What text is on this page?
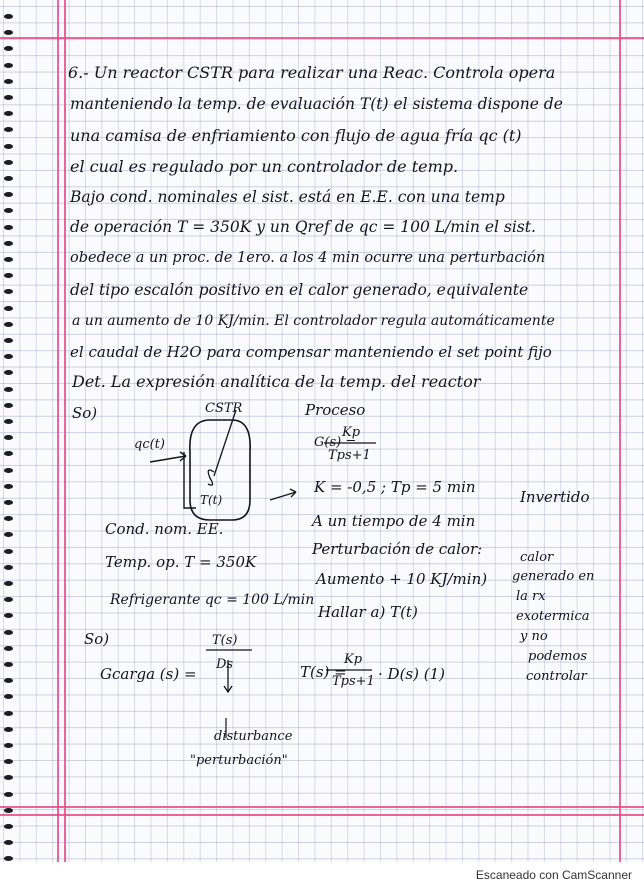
6.- Un reactor CSTR para realizar una Reac. Controla opera
manteniendo la temp. de evaluación T(t) el sistema dispone de
una camisa de enfriamiento con flujo de agua fría qc (t)
el cual es regulado por un controlador de temp.
Bajo cond. nominales el sist. está en E.E. con una temp
de operación T = 350K y un Qref de qc = 100 L/min el sist.
obedece a un proc. de 1ero. a los 4 min ocurre una perturbación
del tipo escalón positivo en el calor generado, equivalente
a un aumento de 10 KJ/min. El controlador regula automáticamente
el caudal de H2O para compensar manteniendo el set point fijo
Det. La expresión analítica de la temp. del reactor
So)	CSTR
qc(t)
T(t)
Cond. nom. EE.
Temp. op. T = 350K
Refrigerante qc = 100 L/min
So)
Gcarga (s) =
T(s)
Ds
disturbance
"perturbación"
Proceso
G(s) =
Kp
Tps+1
K = -0,5 ; Tp = 5 min
Invertido
A un tiempo de 4 min
Perturbación de calor:
Aumento + 10 KJ/min)
Hallar a) T(t)
T(s) =
Kp
Tps+1 · D(s) (1)
calor
generado en
la rx
exotermica
y no
podemos
controlar
Escaneado con CamScanner
